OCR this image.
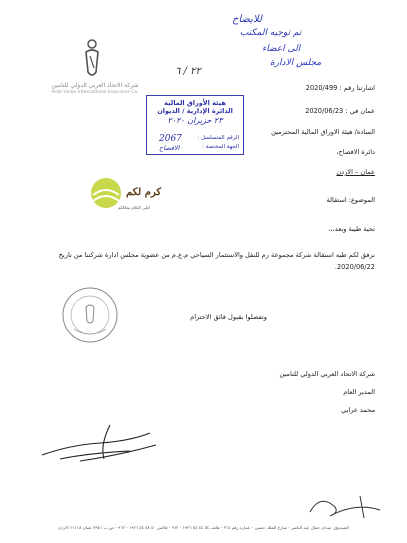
شركة الاتحاد العربي الدولي للتامين
Arab Union International Insurance Co.
للايضاح
تم توجيه المكتب
الى اعضاء
مجلس الادارة
٢٢ / ٦
اشارتنا رقم : 2020/499
عمان في : 2020/06/23
هيئة الأوراق المالية
الدائرة الإدارية / الديوان
٢٣ حزيران ٢٠٢٠
الرقم المتسلسل :
الجهة المختصة :
2067
الافصاح
السادة/ هيئة الاوراق المالية المحترمين
دائرة الافصاح،
عمان – الاردن
كرم لكم
أحلى الكلام يحلالكم
الموضوع: استقالة
تحية طيبة وبعد،،،
نرفق لكم طيه استقالة شركة مجموعة رم للنقل والاستثمار السياحي م.ع.م من عضوية مجلس ادارة شركتنا من تاريخ 2020/06/22.
وتفضلوا بقبول فائق الاحترام
شركة الاتحاد العربي الدولي للتامين
المدير العام
محمد عرابي
الصندوق: ميدان جمال عبد الناصر - شارع الملك حسين - عمارة رقم ٢١٤ - هاتف ٥٤ ٤٤ ٥٤ ١٩٢٦ - ٩٦٢ - فاكس ٥٠ ٤٨ ٥٤ ١٩٢٦ - ٩٦٢ - ص.ب ٧٩٤١ عمان ١١١١٨ الاردن
